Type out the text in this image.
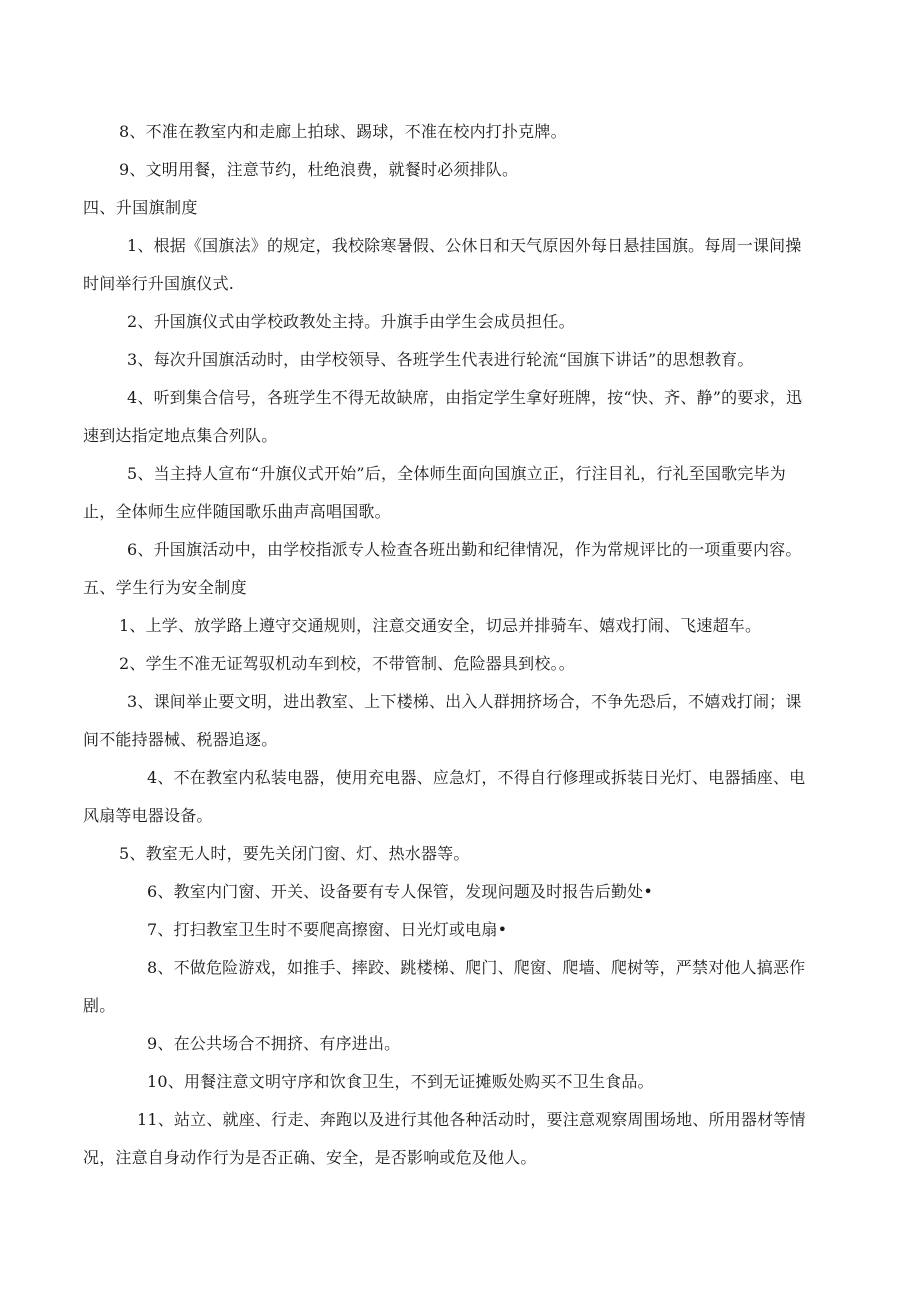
8、不准在教室内和走廊上拍球、踢球，不准在校内打扑克牌。
9、文明用餐，注意节约，杜绝浪费，就餐时必须排队。
四、升国旗制度
1、根据《国旗法》的规定，我校除寒暑假、公休日和天气原因外每日悬挂国旗。每周一课间操
时间举行升国旗仪式.
2、升国旗仪式由学校政教处主持。升旗手由学生会成员担任。
3、每次升国旗活动时，由学校领导、各班学生代表进行轮流“国旗下讲话”的思想教育。
4、听到集合信号，各班学生不得无故缺席，由指定学生拿好班牌，按“快、齐、静”的要求，迅
速到达指定地点集合列队。
5、当主持人宣布“升旗仪式开始”后，全体师生面向国旗立正，行注目礼，行礼至国歌完毕为
止，全体师生应伴随国歌乐曲声高唱国歌。
6、升国旗活动中，由学校指派专人检查各班出勤和纪律情况，作为常规评比的一项重要内容。
五、学生行为安全制度
1、上学、放学路上遵守交通规则，注意交通安全，切忌并排骑车、嬉戏打闹、飞速超车。
2、学生不准无证驾驭机动车到校，不带管制、危险器具到校。。
3、课间举止要文明，进出教室、上下楼梯、出入人群拥挤场合，不争先恐后，不嬉戏打闹；课
间不能持器械、税器追逐。
4、不在教室内私装电器，使用充电器、应急灯，不得自行修理或拆装日光灯、电器插座、电
风扇等电器设备。
5、教室无人时，要先关闭门窗、灯、热水器等。
6、教室内门窗、开关、设备要有专人保管，发现问题及时报告后勤处•
7、打扫教室卫生时不要爬高擦窗、日光灯或电扇•
8、不做危险游戏，如推手、摔跤、跳楼梯、爬门、爬窗、爬墙、爬树等，严禁对他人搞恶作
剧。
9、在公共场合不拥挤、有序进出。
10、用餐注意文明守序和饮食卫生，不到无证摊贩处购买不卫生食品。
11、站立、就座、行走、奔跑以及进行其他各种活动时，要注意观察周围场地、所用器材等情
况，注意自身动作行为是否正确、安全，是否影响或危及他人。
